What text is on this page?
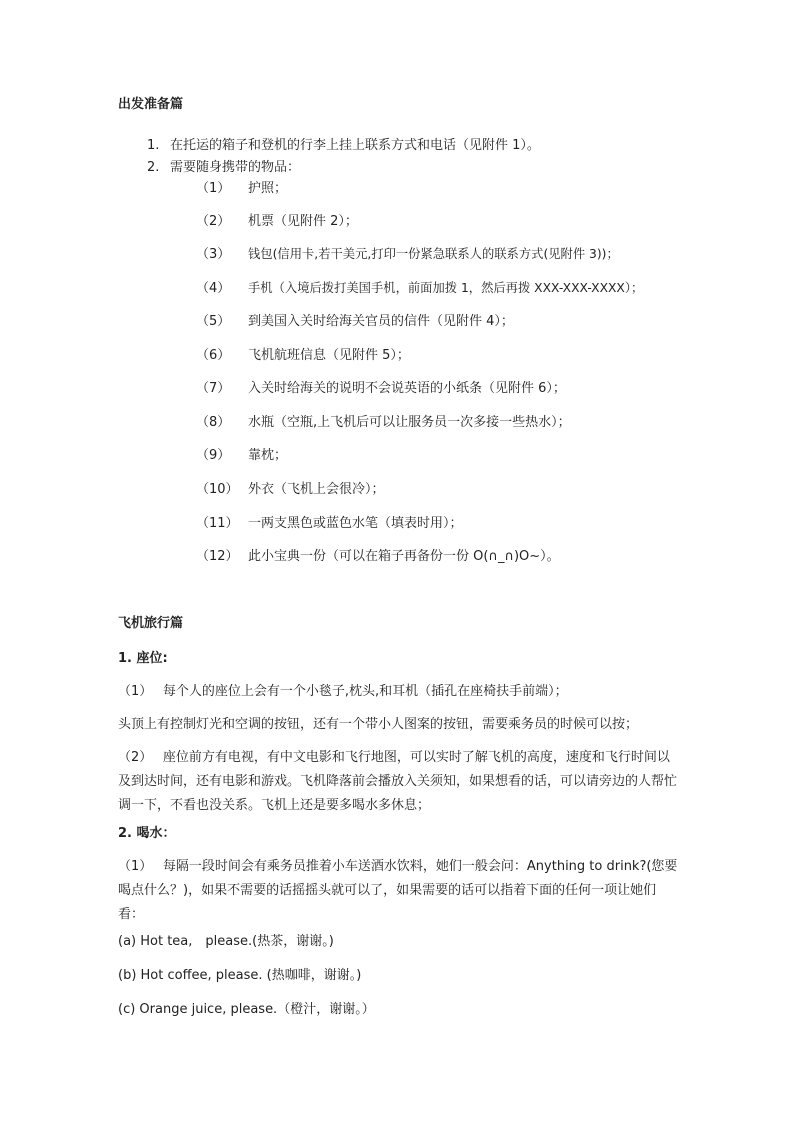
出发准备篇
1. 在托运的箱子和登机的行李上挂上联系方式和电话（见附件 1）。
2. 需要随身携带的物品：
（1） 护照；
（2） 机票（见附件 2）；
（3） 钱包(信用卡,若干美元,打印一份紧急联系人的联系方式(见附件 3))；
（4） 手机（入境后拨打美国手机，前面加拨 1，然后再拨 XXX-XXX-XXXX）；
（5） 到美国入关时给海关官员的信件（见附件 4）；
（6） 飞机航班信息（见附件 5）；
（7） 入关时给海关的说明不会说英语的小纸条（见附件 6）；
（8） 水瓶（空瓶,上飞机后可以让服务员一次多接一些热水）；
（9） 靠枕；
（10） 外衣（飞机上会很冷）；
（11） 一两支黑色或蓝色水笔（填表时用）；
（12） 此小宝典一份（可以在箱子再备份一份 O(∩_∩)O~）。
飞机旅行篇
1. 座位:
（1）　 每个人的座位上会有一个小毯子,枕头,和耳机（插孔在座椅扶手前端）；
头顶上有控制灯光和空调的按钮，还有一个带小人图案的按钮，需要乘务员的时候可以按；
（2）　 座位前方有电视，有中文电影和飞行地图，可以实时了解飞机的高度，速度和飞行时间以及到达时间，还有电影和游戏。飞机降落前会播放入关须知，如果想看的话，可以请旁边的人帮忙调一下，不看也没关系。飞机上还是要多喝水多休息；
2. 喝水：
（1）　 每隔一段时间会有乘务员推着小车送酒水饮料，她们一般会问：Anything to drink?(您要喝点什么？)，如果不需要的话摇摇头就可以了，如果需要的话可以指着下面的任何一项让她们看：
(a) Hot tea,　please.(热茶，谢谢。)
(b) Hot coffee, please. (热咖啡，谢谢。)
(c) Orange juice, please.（橙汁，谢谢。）
